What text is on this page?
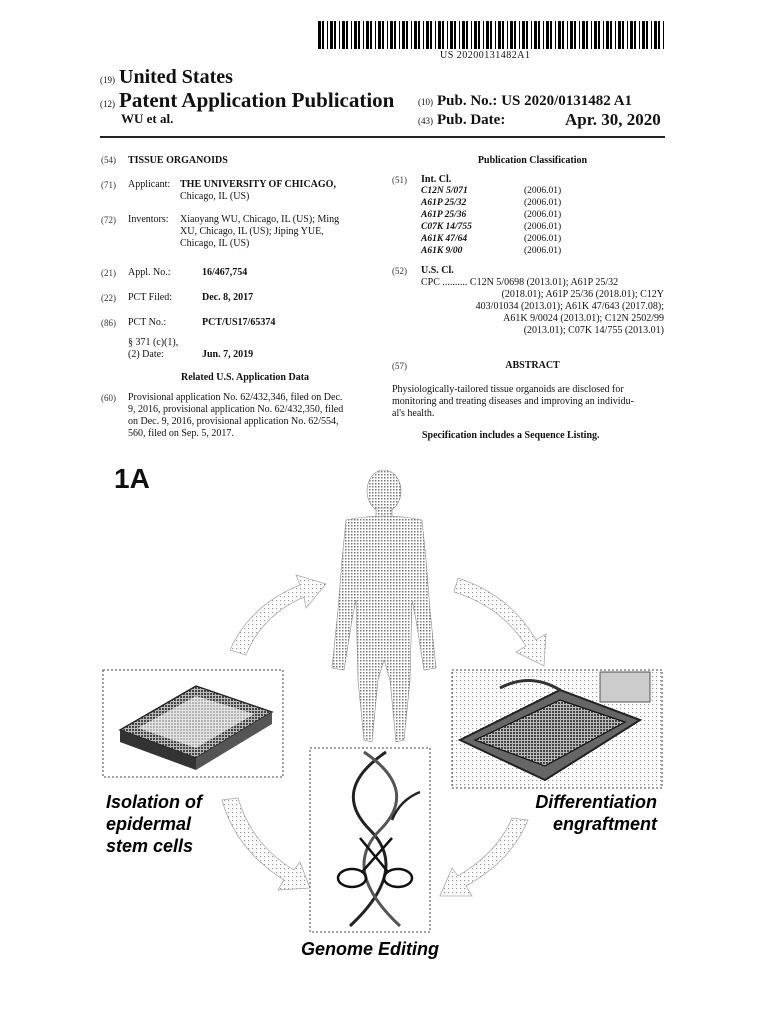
US 20200131482A1
(19) United States
(12) Patent Application Publication
WU et al.
(10) Pub. No.: US 2020/0131482 A1
(43) Pub. Date:	Apr. 30, 2020
(54) TISSUE ORGANOIDS
(71) Applicant: THE UNIVERSITY OF CHICAGO,
Chicago, IL (US)
(72) Inventors: Xiaoyang WU, Chicago, IL (US); Ming
XU, Chicago, IL (US); Jiping YUE,
Chicago, IL (US)
(21) Appl. No.:	16/467,754
(22) PCT Filed:	Dec. 8, 2017
(86) PCT No.:	PCT/US17/65374
§ 371 (c)(1),
(2) Date:	Jun. 7, 2019
Related U.S. Application Data
(60) Provisional application No. 62/432,346, filed on Dec.
9, 2016, provisional application No. 62/432,350, filed
on Dec. 9, 2016, provisional application No. 62/554,
560, filed on Sep. 5, 2017.
Publication Classification
(51) Int. Cl.
C12N 5/071	(2006.01)
A61P 25/32	(2006.01)
A61P 25/36	(2006.01)
C07K 14/755	(2006.01)
A61K 47/64	(2006.01)
A61K 9/00	(2006.01)
(52) U.S. Cl.
CPC .......... C12N 5/0698 (2013.01); A61P 25/32
(2018.01); A61P 25/36 (2018.01); C12Y
403/01034 (2013.01); A61K 47/643 (2017.08);
A61K 9/0024 (2013.01); C12N 2502/99
(2013.01); C07K 14/755 (2013.01)
(57)	ABSTRACT
Physiologically-tailored tissue organoids are disclosed for
monitoring and treating diseases and improving an individu-
al's health.
Specification includes a Sequence Listing.
1A
Isolation of
epidermal
stem cells
Differentiation
engraftment
Genome Editing
